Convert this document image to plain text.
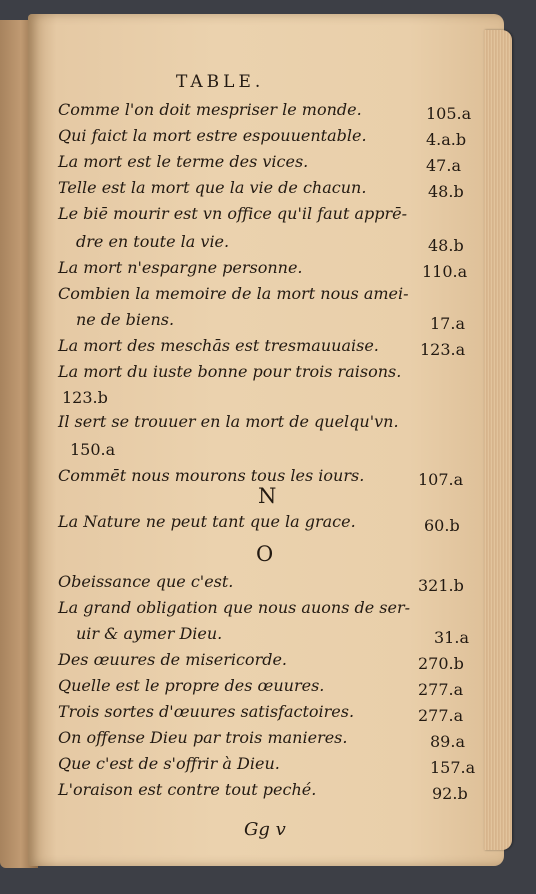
TABLE.
Comme l'on doit mespriser le monde.	105.a
Qui faict la mort estre espouuentable.	4.a.b
La mort est le terme des vices.	47.a
Telle est la mort que la vie de chacun.	48.b
Le biē mourir est vn office qu'il faut apprē-
dre en toute la vie.	48.b
La mort n'espargne personne.	110.a
Combien la memoire de la mort nous amei-
ne de biens.	17.a
La mort des meschās est tresmauuaise.	123.a
La mort du iuste bonne pour trois raisons.
123.b
Il sert se trouuer en la mort de quelqu'vn.
150.a
Commēt nous mourons tous les iours.	107.a
N
La Nature ne peut tant que la grace.	60.b
O
Obeissance que c'est.	321.b
La grand obligation que nous auons de ser-
uir & aymer Dieu.	31.a
Des œuures de misericorde.	270.b
Quelle est le propre des œuures.	277.a
Trois sortes d'œuures satisfactoires.	277.a
On offense Dieu par trois manieres.	89.a
Que c'est de s'offrir à Dieu.	157.a
L'oraison est contre tout peché.	92.b
Gg v
